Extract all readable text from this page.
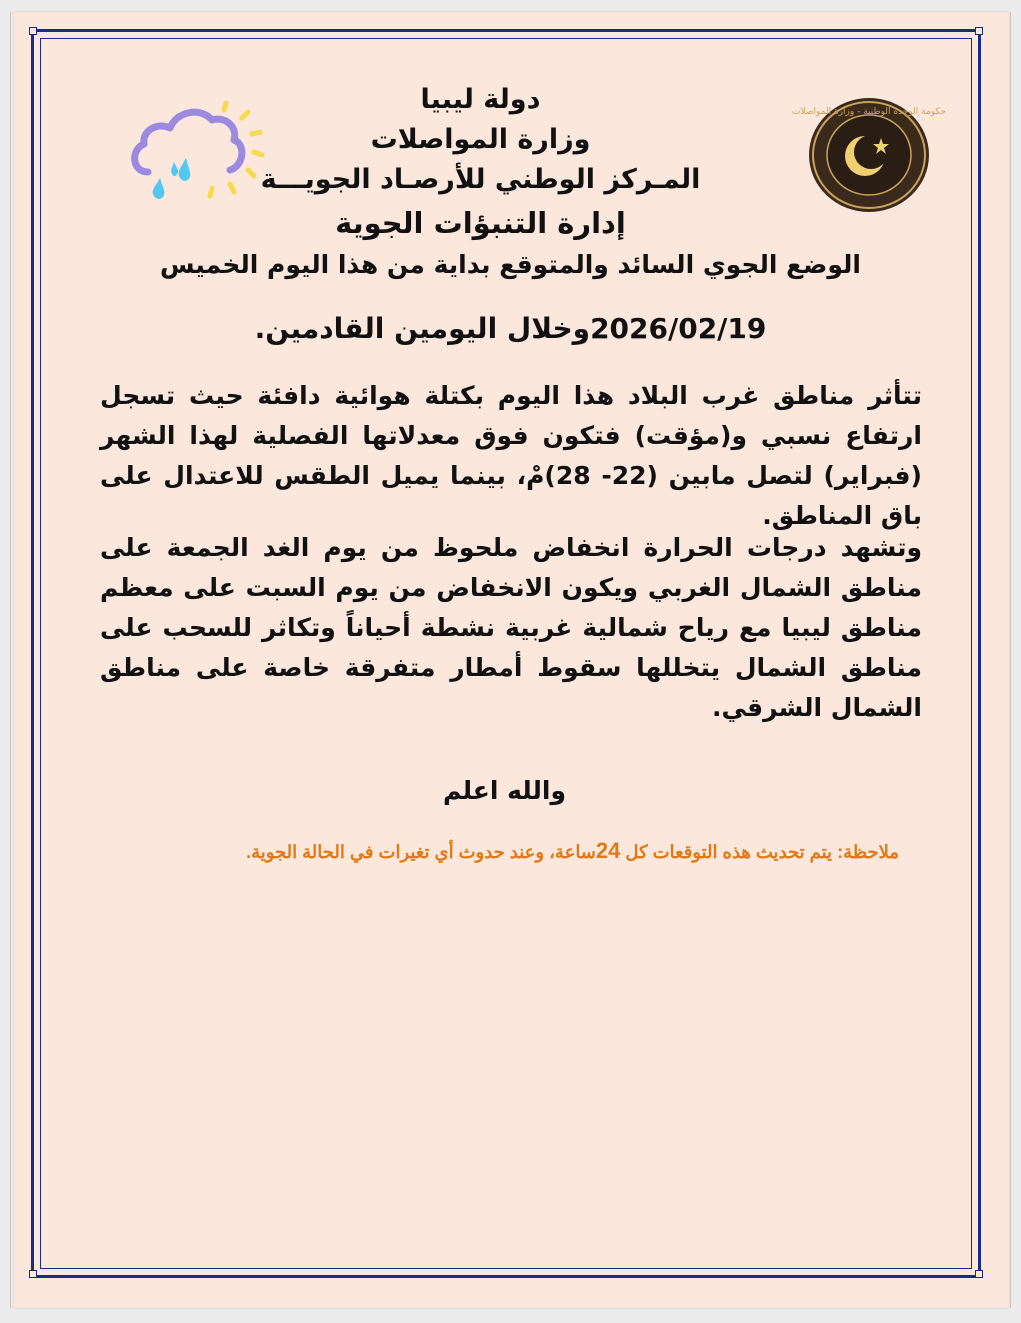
حكومة الوحدة الوطنية - وزارة المواصلات
دولة ليبيا
وزارة المواصلات
المـركز الوطني للأرصـاد الجويـــة
إدارة التنبؤات الجوية
الوضع الجوي السائد والمتوقع بداية من هذا اليوم الخميس
2026/02/19وخلال اليومين القادمين.

تتأثر مناطق غرب البلاد هذا اليوم بكتلة هوائية دافئة حيث تسجل ارتفاع نسبي و(مؤقت) فتكون فوق معدلاتها الفصلية لهذا الشهر (فبراير) لتصل مابين (22- 28)مْ، بينما يميل الطقس للاعتدال على باق المناطق.

وتشهد درجات الحرارة انخفاض ملحوظ من يوم الغد الجمعة على مناطق الشمال الغربي ويكون الانخفاض من يوم السبت على معظم مناطق ليبيا مع رياح شمالية غربية نشطة أحياناً وتكاثر للسحب على مناطق الشمال يتخللها سقوط أمطار متفرقة خاصة على مناطق الشمال الشرقي.

والله اعلم
ملاحظة: يتم تحديث هذه التوقعات كل 24ساعة، وعند حدوث أي تغيرات في الحالة الجوية.
